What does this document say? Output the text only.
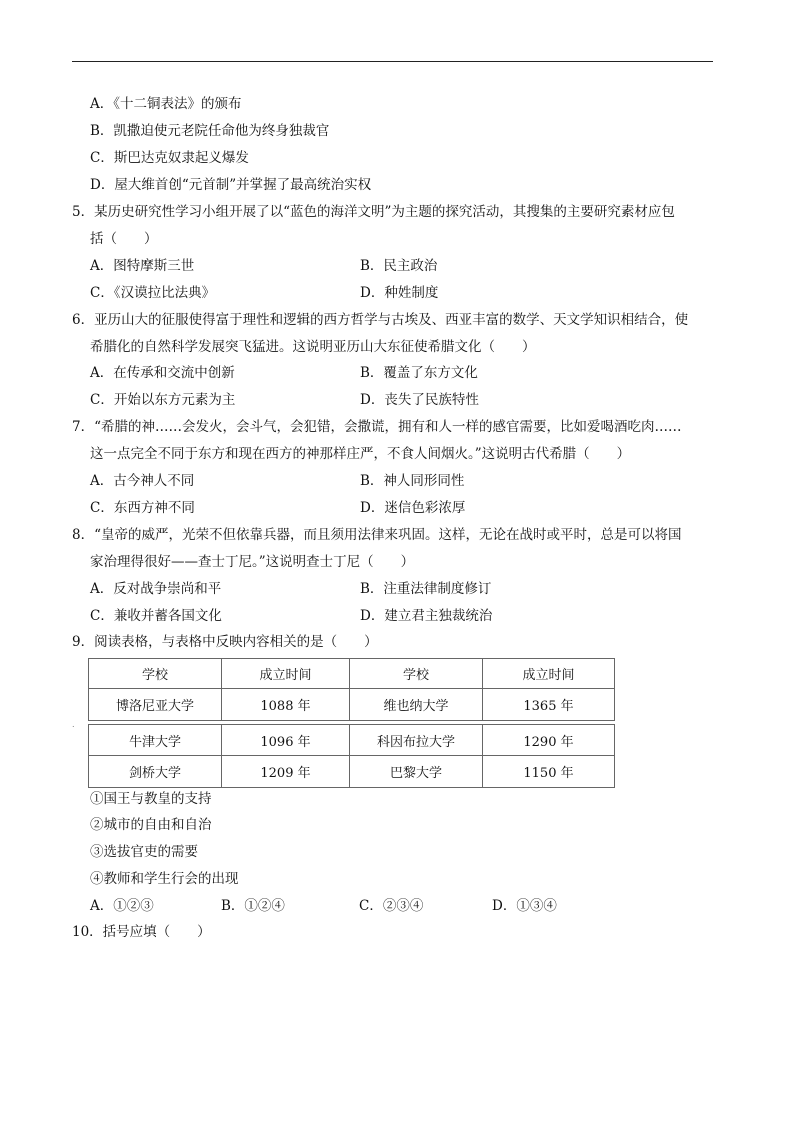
A．《十二铜表法》的颁布
B．凯撒迫使元老院任命他为终身独裁官
C．斯巴达克奴隶起义爆发
D．屋大维首创“元首制”并掌握了最高统治实权
5．某历史研究性学习小组开展了以“蓝色的海洋文明”为主题的探究活动，其搜集的主要研究素材应包
括（　　）
A．图特摩斯三世	B．民主政治
C．《汉谟拉比法典》	D．种姓制度
6．亚历山大的征服使得富于理性和逻辑的西方哲学与古埃及、西亚丰富的数学、天文学知识相结合，使
希腊化的自然科学发展突飞猛进。这说明亚历山大东征使希腊文化（　　）
A．在传承和交流中创新	B．覆盖了东方文化
C．开始以东方元素为主	D．丧失了民族特性
7．“希腊的神……会发火，会斗气，会犯错，会撒谎，拥有和人一样的感官需要，比如爱喝酒吃肉……
这一点完全不同于东方和现在西方的神那样庄严，不食人间烟火。”这说明古代希腊（　　）
A．古今神人不同	B．神人同形同性
C．东西方神不同	D．迷信色彩浓厚
8．“皇帝的威严，光荣不但依靠兵器，而且须用法律来巩固。这样，无论在战时或平时，总是可以将国
家治理得很好——查士丁尼。”这说明查士丁尼（　　）
A．反对战争崇尚和平	B．注重法律制度修订
C．兼收并蓄各国文化	D．建立君主独裁统治
9．阅读表格，与表格中反映内容相关的是（　　）
学校	成立时间	学校	成立时间
博洛尼亚大学	1088 年	维也纳大学	1365 年
.
牛津大学	1096 年	科因布拉大学	1290 年
剑桥大学	1209 年	巴黎大学	1150 年
①国王与教皇的支持
②城市的自由和自治
③选拔官吏的需要
④教师和学生行会的出现
A．①②③	B．①②④	C．②③④	D．①③④
10．括号应填（　　）
